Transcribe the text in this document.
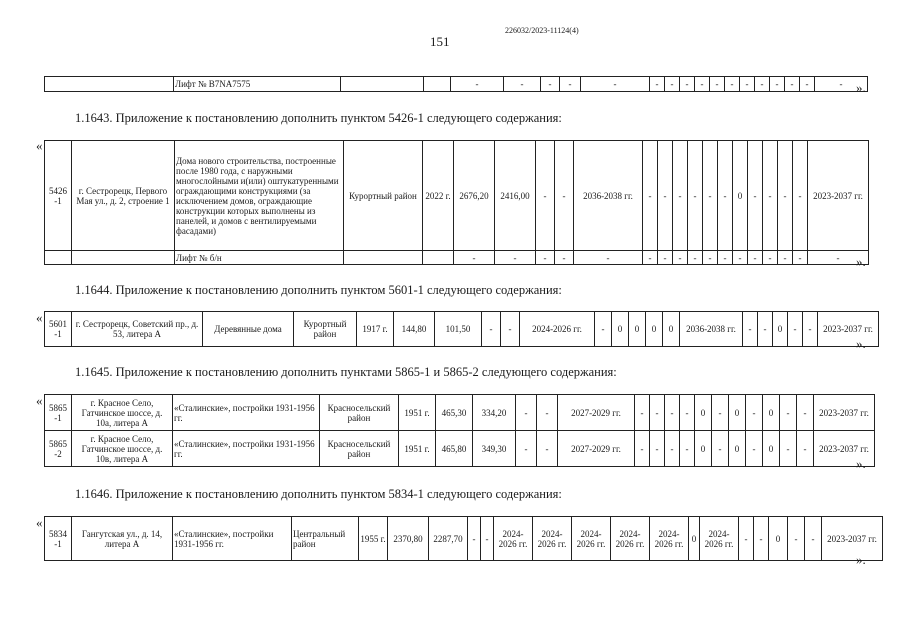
226032/2023-11124(4)
151
	Лифт № B7NA7575			-	-	-	-	-	-	-	-	-	-	-	-	-	-	-	-	- ».
1.1643. Приложение к постановлению дополнить пунктом 5426-1 следующего содержания:
«
5426 -1	г. Сестрорецк, Первого Мая ул., д. 2, строение 1	Дома нового строительства, построенные после 1980 года, с наружными многослойными и(или) оштукатуренными ограждающими конструкциями (за исключением домов, ограждающие конструкции которых выполнены из панелей, и домов с вентилируемыми фасадами)	Курортный район	2022 г.	2676,20	2416,00	-	-	2036-2038 гг.	-	-	-	-	-	-	0	-	-	-	-	2023-2037 гг.
		Лифт № б/н			-	-	-	-	-	-	-	-	-	-	-	-	-	-	-	-	- ».
1.1644. Приложение к постановлению дополнить пунктом 5601-1 следующего содержания:
« 5601 -1	г. Сестрорецк, Советский пр., д. 53, литера А	Деревянные дома	Курортный район	1917 г.	144,80	101,50	-	-	2024-2026 гг.	-	0	0	0	0	2036-2038 гг.	-	-	0	-	-	2023-2037 гг.
».
1.1645. Приложение к постановлению дополнить пунктами 5865-1 и 5865-2 следующего содержания:
« 5865 -1	г. Красное Село, Гатчинское шоссе, д. 10а, литера А	«Сталинские», постройки 1931-1956 гг.	Красносельский район	1951 г.	465,30	334,20	-	-	2027-2029 гг.	-	-	-	-	0	-	0	-	0	-	-	2023-2037 гг.
5865 -2	г. Красное Село, Гатчинское шоссе, д. 10в, литера А	«Сталинские», постройки 1931-1956 гг.	Красносельский район	1951 г.	465,80	349,30	-	-	2027-2029 гг.	-	-	-	-	0	-	0	-	0	-	-	2023-2037 гг.
».
1.1646. Приложение к постановлению дополнить пунктом 5834-1 следующего содержания:
«
5834 -1	Гангутская ул., д. 14, литера А	«Сталинские», постройки 1931-1956 гг.	Центральный район	1955 г.	2370,80	2287,70	-	-	2024-2026 гг.	2024-2026 гг.	2024-2026 гг.	2024-2026 гг.	2024-2026 гг.	0	2024-2026 гг.	-	-	0	-	-	2023-2037 гг.
».
